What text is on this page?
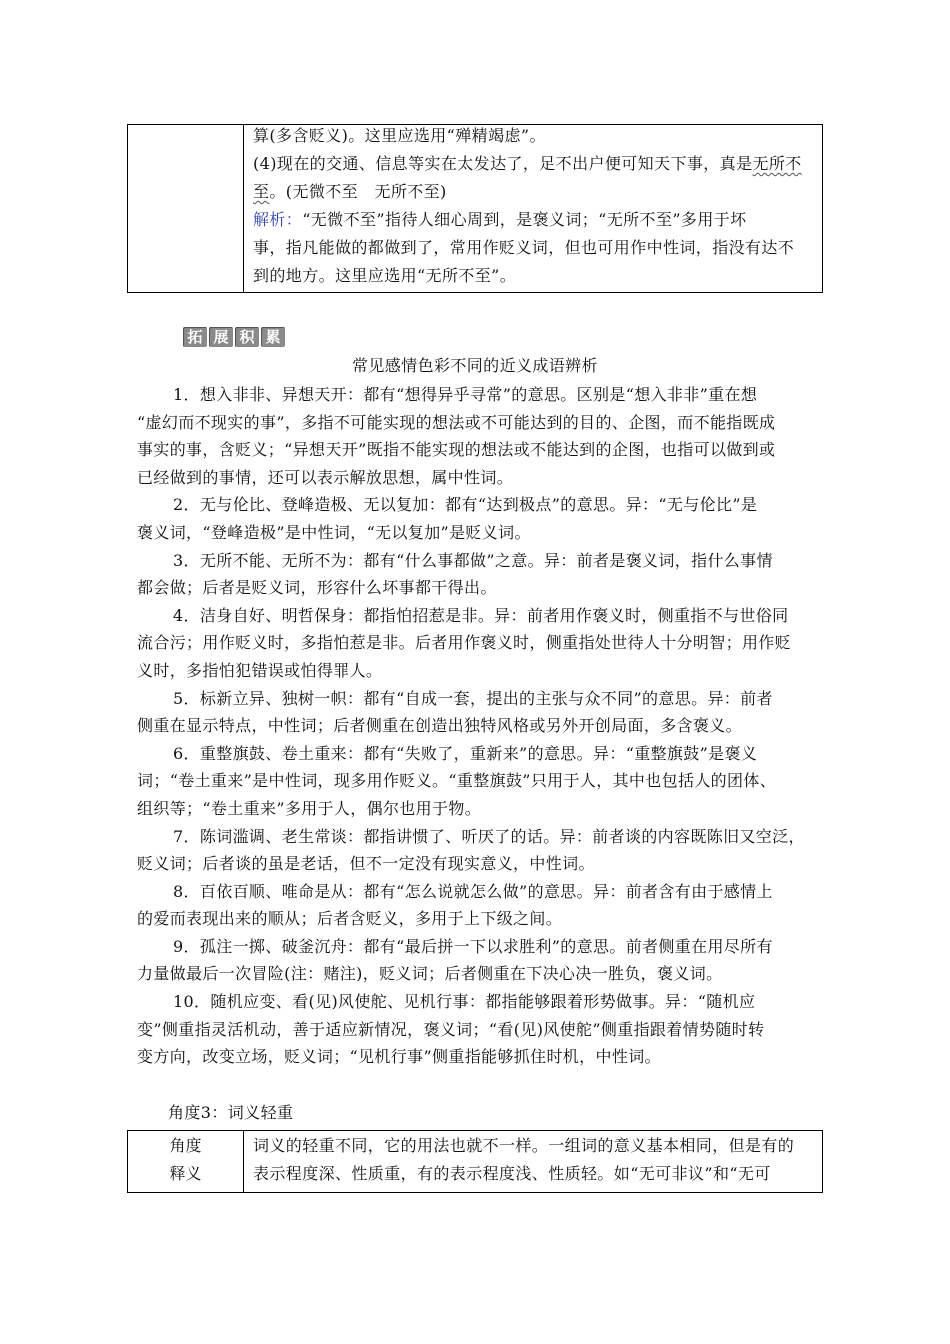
算(多含贬义)。这里应选用“殚精竭虑”。
(4)现在的交通、信息等实在太发达了，足不出户便可知天下事，真是无所不
至。(无微不至　无所不至)
解析：“无微不至”指待人细心周到，是褒义词；“无所不至”多用于坏
事，指凡能做的都做到了，常用作贬义词，但也可用作中性词，指没有达不
到的地方。这里应选用“无所不至”。
拓 展 积 累
常见感情色彩不同的近义成语辨析
1．想入非非、异想天开：都有“想得异乎寻常”的意思。区别是“想入非非”重在想
“虚幻而不现实的事”，多指不可能实现的想法或不可能达到的目的、企图，而不能指既成
事实的事，含贬义；“异想天开”既指不能实现的想法或不能达到的企图，也指可以做到或
已经做到的事情，还可以表示解放思想，属中性词。
2．无与伦比、登峰造极、无以复加：都有“达到极点”的意思。异：“无与伦比”是
褒义词，“登峰造极”是中性词，“无以复加”是贬义词。
3．无所不能、无所不为：都有“什么事都做”之意。异：前者是褒义词，指什么事情
都会做；后者是贬义词，形容什么坏事都干得出。
4．洁身自好、明哲保身：都指怕招惹是非。异：前者用作褒义时，侧重指不与世俗同
流合污；用作贬义时，多指怕惹是非。后者用作褒义时，侧重指处世待人十分明智；用作贬
义时，多指怕犯错误或怕得罪人。
5．标新立异、独树一帜：都有“自成一套，提出的主张与众不同”的意思。异：前者
侧重在显示特点，中性词；后者侧重在创造出独特风格或另外开创局面，多含褒义。
6．重整旗鼓、卷土重来：都有“失败了，重新来”的意思。异：“重整旗鼓”是褒义
词；“卷土重来”是中性词，现多用作贬义。“重整旗鼓”只用于人，其中也包括人的团体、
组织等；“卷土重来”多用于人，偶尔也用于物。
7．陈词滥调、老生常谈：都指讲惯了、听厌了的话。异：前者谈的内容既陈旧又空泛，
贬义词；后者谈的虽是老话，但不一定没有现实意义，中性词。
8．百依百顺、唯命是从：都有“怎么说就怎么做”的意思。异：前者含有由于感情上
的爱而表现出来的顺从；后者含贬义，多用于上下级之间。
9．孤注一掷、破釜沉舟：都有“最后拼一下以求胜利”的意思。前者侧重在用尽所有
力量做最后一次冒险(注：赌注)，贬义词；后者侧重在下决心决一胜负，褒义词。
10．随机应变、看(见)风使舵、见机行事：都指能够跟着形势做事。异：“随机应
变”侧重指灵活机动，善于适应新情况，褒义词；“看(见)风使舵”侧重指跟着情势随时转
变方向，改变立场，贬义词；“见机行事”侧重指能够抓住时机，中性词。
角度3：词义轻重
角度
释义
词义的轻重不同，它的用法也就不一样。一组词的意义基本相同，但是有的
表示程度深、性质重，有的表示程度浅、性质轻。如“无可非议”和“无可
